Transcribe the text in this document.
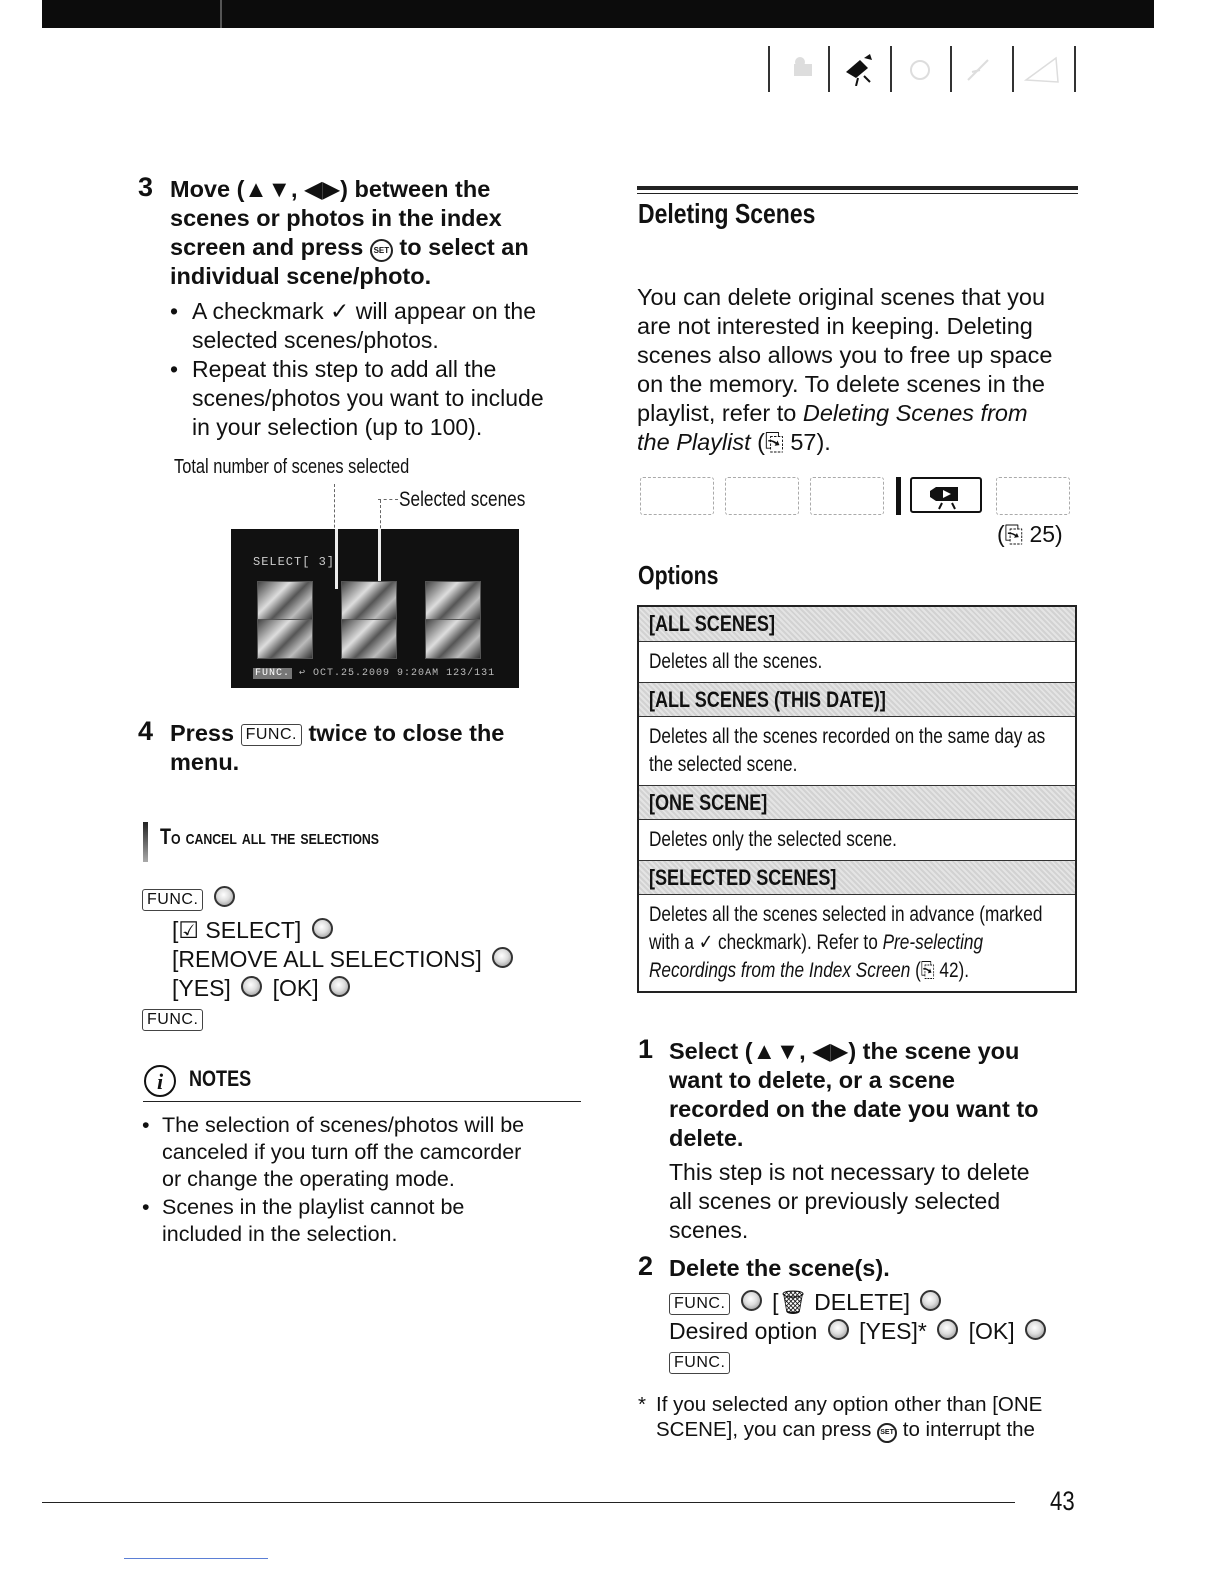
3 Move (▲▼, ◀▶) between the
scenes or photos in the index
screen and press SET to select an
individual scene/photo.
• A checkmark ✓ will appear on the
selected scenes/photos.
• Repeat this step to add all the
scenes/photos you want to include
in your selection (up to 100).
Total number of scenes selected
Selected scenes
SELECT[ 3]
FUNC. ↩ OCT.25.2009 9:20AM 123/131
4 Press FUNC. twice to close the
menu.
To cancel all the selections
FUNC.
[☑ SELECT]
[REMOVE ALL SELECTIONS]
[YES] [OK]
FUNC.
i NOTES
• The selection of scenes/photos will be
canceled if you turn off the camcorder
or change the operating mode.
• Scenes in the playlist cannot be
included in the selection.
Deleting Scenes
You can delete original scenes that you
are not interested in keeping. Deleting
scenes also allows you to free up space
on the memory. To delete scenes in the
playlist, refer to Deleting Scenes from
the Playlist (⎘ 57).
(⎘ 25)
Options
[ALL SCENES]
Deletes all the scenes.
[ALL SCENES (THIS DATE)]
Deletes all the scenes recorded on the same day as the selected scene.
[ONE SCENE]
Deletes only the selected scene.
[SELECTED SCENES]
Deletes all the scenes selected in advance (marked with a ✓ checkmark). Refer to Pre-selecting Recordings from the Index Screen (⎘ 42).
1 Select (▲▼, ◀▶) the scene you
want to delete, or a scene
recorded on the date you want to
delete.
This step is not necessary to delete
all scenes or previously selected
scenes.
2 Delete the scene(s).
FUNC. [🗑 DELETE]
Desired option [YES]* [OK]
FUNC.
* If you selected any option other than [ONE
SCENE], you can press SET to interrupt the
43
